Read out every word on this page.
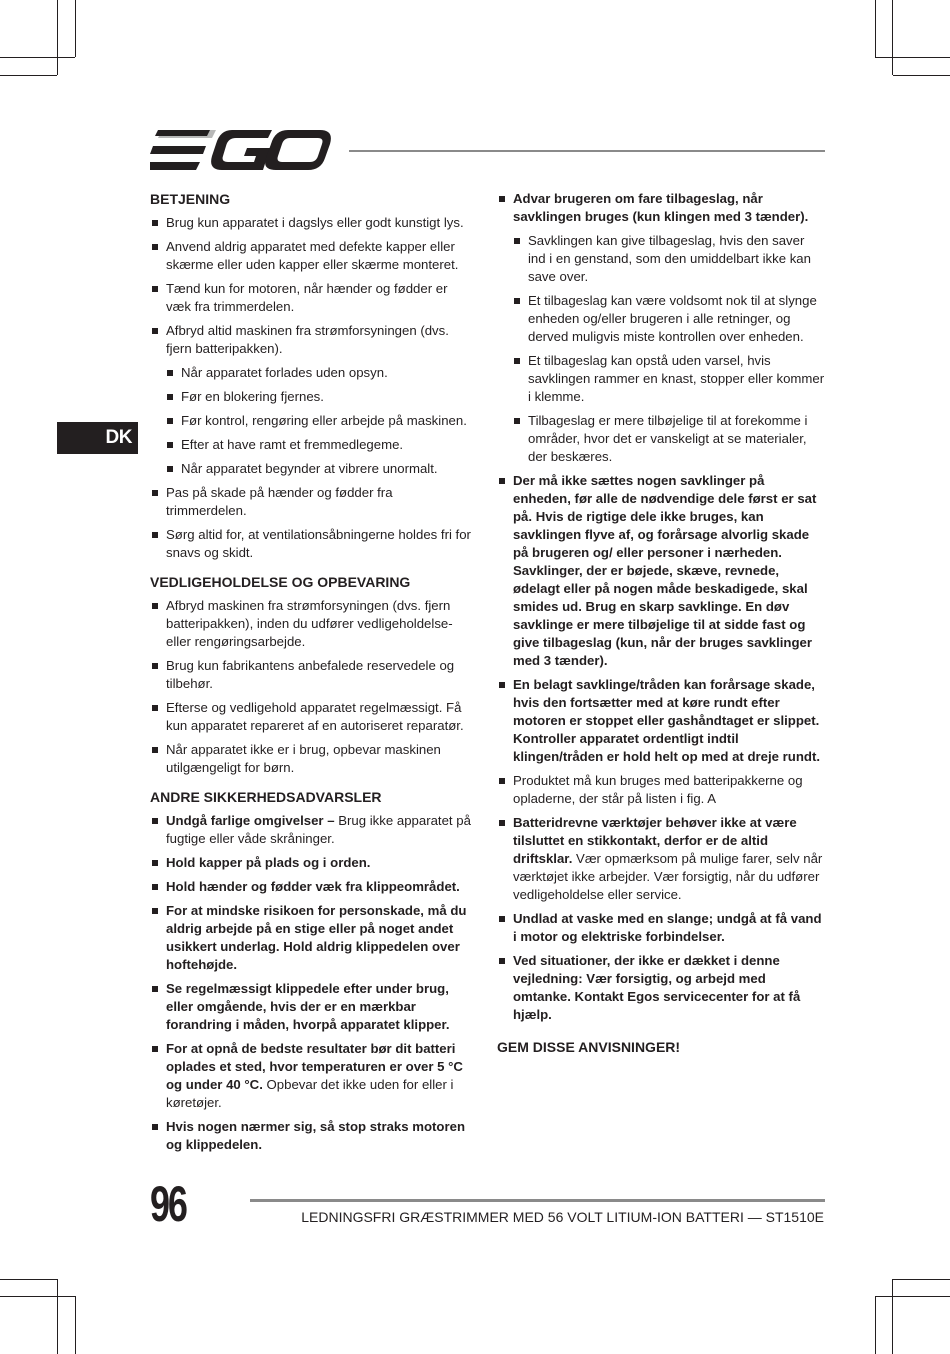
DK
BETJENING
Brug kun apparatet i dagslys eller godt kunstigt lys.
Anvend aldrig apparatet med defekte kapper eller skærme eller uden kapper eller skærme monteret.
Tænd kun for motoren, når hænder og fødder er væk fra trimmerdelen.
Afbryd altid maskinen fra strømforsyningen (dvs. fjern batteripakken).
Når apparatet forlades uden opsyn.
Før en blokering fjernes.
Før kontrol, rengøring eller arbejde på maskinen.
Efter at have ramt et fremmedlegeme.
Når apparatet begynder at vibrere unormalt.
Pas på skade på hænder og fødder fra trimmerdelen.
Sørg altid for, at ventilationsåbningerne holdes fri for snavs og skidt.
VEDLIGEHOLDELSE OG OPBEVARING
Afbryd maskinen fra strømforsyningen (dvs. fjern batteripakken), inden du udfører vedligeholdelse- eller rengøringsarbejde.
Brug kun fabrikantens anbefalede reservedele og tilbehør.
Efterse og vedligehold apparatet regelmæssigt. Få kun apparatet repareret af en autoriseret reparatør.
Når apparatet ikke er i brug, opbevar maskinen utilgængeligt for børn.
ANDRE SIKKERHEDSADVARSLER
Undgå farlige omgivelser – Brug ikke apparatet på fugtige eller våde skråninger.
Hold kapper på plads og i orden.
Hold hænder og fødder væk fra klippeområdet.
For at mindske risikoen for personskade, må du aldrig arbejde på en stige eller på noget andet usikkert underlag. Hold aldrig klippedelen over hoftehøjde.
Se regelmæssigt klippedele efter under brug, eller omgående, hvis der er en mærkbar forandring i måden, hvorpå apparatet klipper.
For at opnå de bedste resultater bør dit batteri oplades et sted, hvor temperaturen er over 5 °C og under 40 °C. Opbevar det ikke uden for eller i køretøjer.
Hvis nogen nærmer sig, så stop straks motoren og klippedelen.
Advar brugeren om fare tilbageslag, når savklingen bruges (kun klingen med 3 tænder).
Savklingen kan give tilbageslag, hvis den saver ind i en genstand, som den umiddelbart ikke kan save over.
Et tilbageslag kan være voldsomt nok til at slynge enheden og/eller brugeren i alle retninger, og derved muligvis miste kontrollen over enheden.
Et tilbageslag kan opstå uden varsel, hvis savklingen rammer en knast, stopper eller kommer i klemme.
Tilbageslag er mere tilbøjelige til at forekomme i områder, hvor det er vanskeligt at se materialer, der beskæres.
Der må ikke sættes nogen savklinger på enheden, før alle de nødvendige dele først er sat på. Hvis de rigtige dele ikke bruges, kan savklingen flyve af, og forårsage alvorlig skade på brugeren og/ eller personer i nærheden. Savklinger, der er bøjede, skæve, revnede, ødelagt eller på nogen måde beskadigede, skal smides ud. Brug en skarp savklinge. En døv savklinge er mere tilbøjelige til at sidde fast og give tilbageslag (kun, når der bruges savklinger med 3 tænder).
En belagt savklinge/tråden kan forårsage skade, hvis den fortsætter med at køre rundt efter motoren er stoppet eller gashåndtaget er slippet. Kontroller apparatet ordentligt indtil klingen/tråden er hold helt op med at dreje rundt.
Produktet må kun bruges med batteripakkerne og opladerne, der står på listen i fig. A
Batteridrevne værktøjer behøver ikke at være tilsluttet en stikkontakt, derfor er de altid driftsklar. Vær opmærksom på mulige farer, selv når værktøjet ikke arbejder. Vær forsigtig, når du udfører vedligeholdelse eller service.
Undlad at vaske med en slange; undgå at få vand i motor og elektriske forbindelser.
Ved situationer, der ikke er dækket i denne vejledning: Vær forsigtig, og arbejd med omtanke. Kontakt Egos servicecenter for at få hjælp.
GEM DISSE ANVISNINGER!
96	LEDNINGSFRI GRÆSTRIMMER MED 56 VOLT LITIUM-ION BATTERI — ST1510E
